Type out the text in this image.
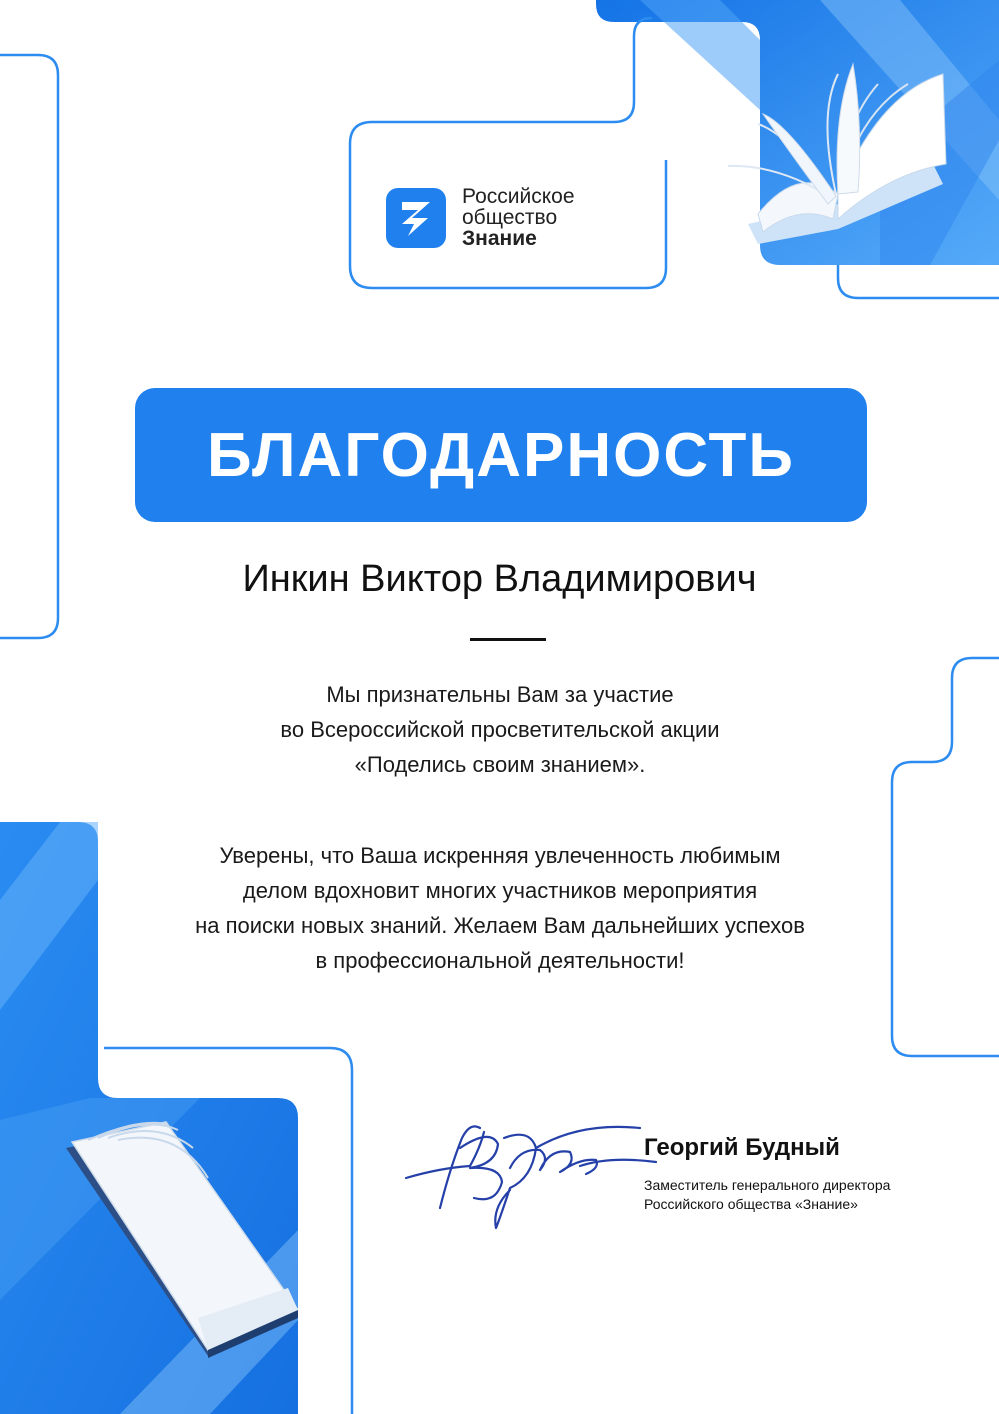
Российское
общество
Знание
БЛАГОДАРНОСТЬ
Инкин Виктор Владимирович
Мы признательны Вам за участие
во Всероссийской просветительской акции
«Поделись своим знанием».
Уверены, что Ваша искренняя увлеченность любимым
делом вдохновит многих участников мероприятия
на поиски новых знаний. Желаем Вам дальнейших успехов
в профессиональной деятельности!
Георгий Будный
Заместитель генерального директора
Российского общества «Знание»
